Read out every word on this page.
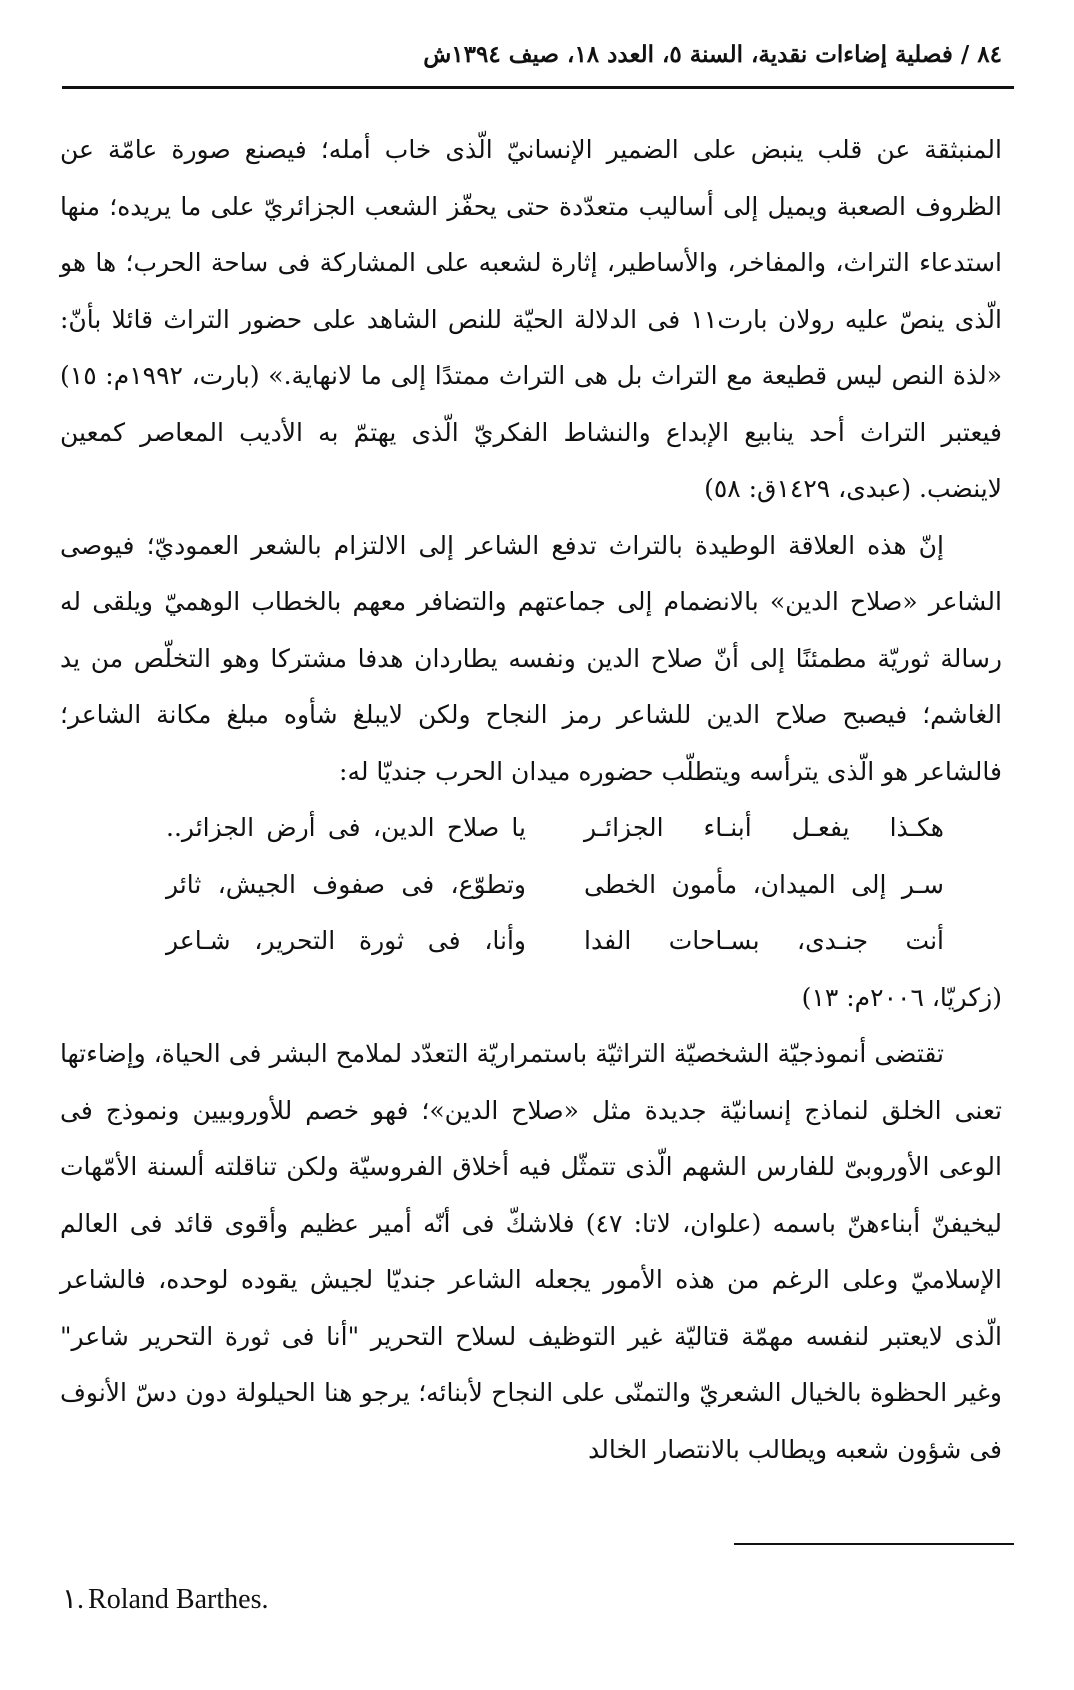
٨٤ / فصلية إضاءات نقدية، السنة ٥، العدد ١٨، صيف ١٣٩٤ش

المنبثقة عن قلب ينبض على الضمير الإنسانيّ الّذى خاب أمله؛ فيصنع صورة عامّة عن الظروف الصعبة ويميل إلى أساليب متعدّدة حتى يحفّز الشعب الجزائريّ على ما يريده؛ منها استدعاء التراث، والمفاخر، والأساطير، إثارة لشعبه على المشاركة فى ساحة الحرب؛ ها هو الّذى ينصّ عليه رولان بارت١١ فى الدلالة الحيّة للنص الشاهد على حضور التراث قائلا بأنّ: «لذة النص ليس قطيعة مع التراث بل هى التراث ممتدًا إلى ما لانهاية.» (بارت، ١٩٩٢م: ١٥) فيعتبر التراث أحد ينابيع الإبداع والنشاط الفكريّ الّذى يهتمّ به الأديب المعاصر كمعين لاينضب. (عبدى، ١٤٢٩ق: ٥٨)

إنّ هذه العلاقة الوطيدة بالتراث تدفع الشاعر إلى الالتزام بالشعر العموديّ؛ فيوصى الشاعر «صلاح الدين» بالانضمام إلى جماعتهم والتضافر معهم بالخطاب الوهميّ ويلقى له رسالة ثوريّة مطمئنًا إلى أنّ صلاح الدين ونفسه يطاردان هدفا مشتركا وهو التخلّص من يد الغاشم؛ فيصبح صلاح الدين للشاعر رمز النجاح ولكن لايبلغ شأوه مبلغ مكانة الشاعر؛ فالشاعر هو الّذى يترأسه ويتطلّب حضوره ميدان الحرب جنديّا له:

هكـذا يفعـل أبنـاء الجزائـر
يا صلاح الدين، فى أرض الجزائر..
سـر إلى الميدان، مأمون الخطى
وتطوّع، فى صفوف الجيش، ثائر
أنت جنـدى، بسـاحات الفدا
وأنا، فى ثورة التحرير، شـاعر

(زكريّا، ٢٠٠٦م: ١٣)

تقتضى أنموذجيّة الشخصيّة التراثيّة باستمراريّة التعدّد لملامح البشر فى الحياة، وإضاءتها تعنى الخلق لنماذج إنسانيّة جديدة مثل «صلاح الدين»؛ فهو خصم للأوروبيين ونموذج فى الوعى الأوروبىّ للفارس الشهم الّذى تتمثّل فيه أخلاق الفروسيّة ولكن تناقلته ألسنة الأمّهات ليخيفنّ أبناءهنّ باسمه (علوان، لاتا: ٤٧) فلاشكّ فى أنّه أمير عظيم وأقوى قائد فى العالم الإسلاميّ وعلى الرغم من هذه الأمور يجعله الشاعر جنديّا لجيش يقوده لوحده، فالشاعر الّذى لايعتبر لنفسه مهمّة قتاليّة غير التوظيف لسلاح التحرير "أنا فى ثورة التحرير شاعر" وغير الحظوة بالخيال الشعريّ والتمنّى على النجاح لأبنائه؛ يرجو هنا الحيلولة دون دسّ الأنوف فى شؤون شعبه ويطالب بالانتصار الخالد

١. Roland Barthes.
